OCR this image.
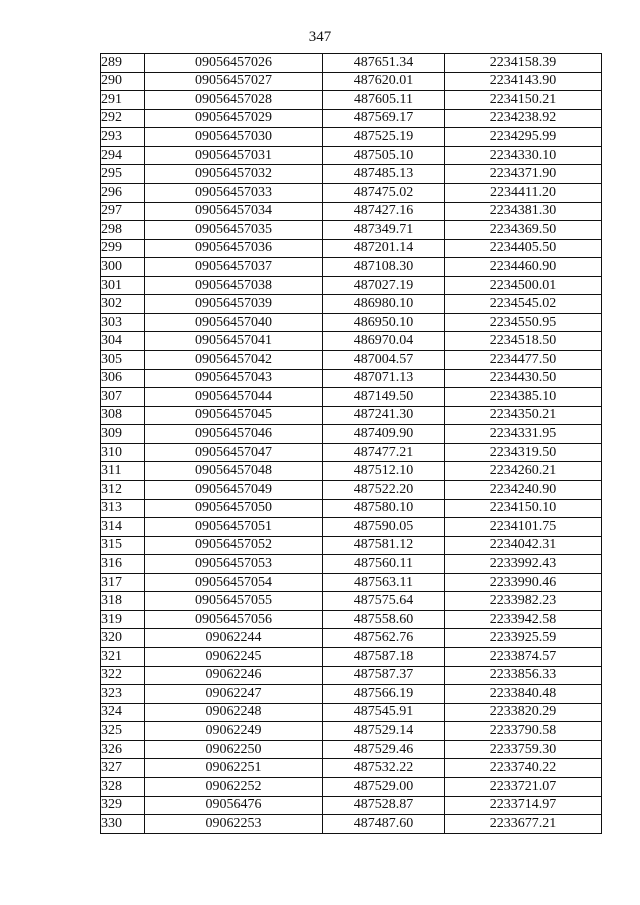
347
289	09056457026	487651.34	2234158.39
290	09056457027	487620.01	2234143.90
291	09056457028	487605.11	2234150.21
292	09056457029	487569.17	2234238.92
293	09056457030	487525.19	2234295.99
294	09056457031	487505.10	2234330.10
295	09056457032	487485.13	2234371.90
296	09056457033	487475.02	2234411.20
297	09056457034	487427.16	2234381.30
298	09056457035	487349.71	2234369.50
299	09056457036	487201.14	2234405.50
300	09056457037	487108.30	2234460.90
301	09056457038	487027.19	2234500.01
302	09056457039	486980.10	2234545.02
303	09056457040	486950.10	2234550.95
304	09056457041	486970.04	2234518.50
305	09056457042	487004.57	2234477.50
306	09056457043	487071.13	2234430.50
307	09056457044	487149.50	2234385.10
308	09056457045	487241.30	2234350.21
309	09056457046	487409.90	2234331.95
310	09056457047	487477.21	2234319.50
311	09056457048	487512.10	2234260.21
312	09056457049	487522.20	2234240.90
313	09056457050	487580.10	2234150.10
314	09056457051	487590.05	2234101.75
315	09056457052	487581.12	2234042.31
316	09056457053	487560.11	2233992.43
317	09056457054	487563.11	2233990.46
318	09056457055	487575.64	2233982.23
319	09056457056	487558.60	2233942.58
320	09062244	487562.76	2233925.59
321	09062245	487587.18	2233874.57
322	09062246	487587.37	2233856.33
323	09062247	487566.19	2233840.48
324	09062248	487545.91	2233820.29
325	09062249	487529.14	2233790.58
326	09062250	487529.46	2233759.30
327	09062251	487532.22	2233740.22
328	09062252	487529.00	2233721.07
329	09056476	487528.87	2233714.97
330	09062253	487487.60	2233677.21
